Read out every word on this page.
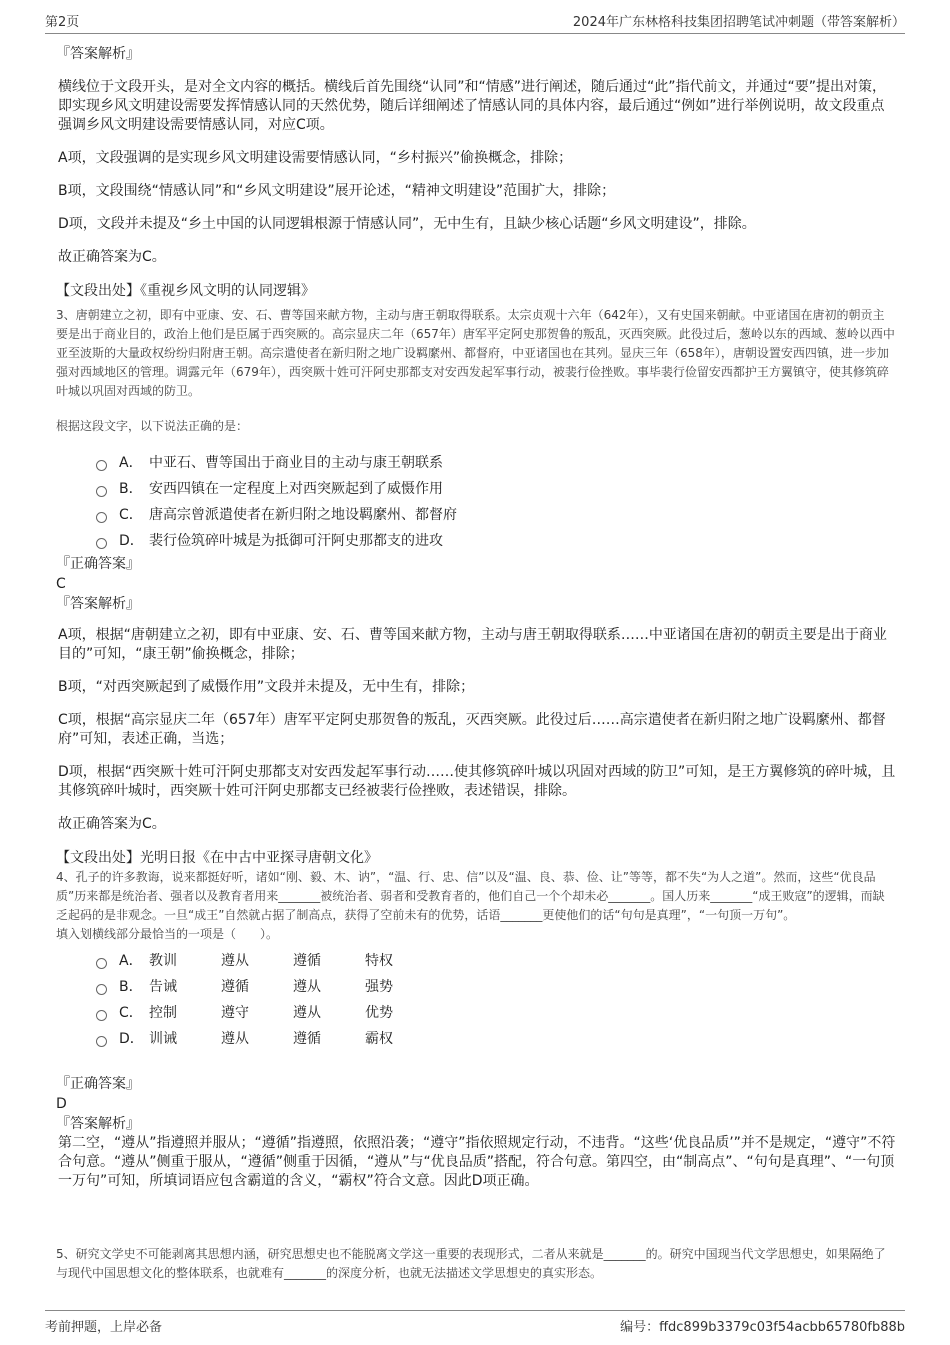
第2页	2024年广东林格科技集团招聘笔试冲刺题（带答案解析）

『答案解析』

横线位于文段开头，是对全文内容的概括。横线后首先围绕“认同”和“情感”进行阐述，随后通过“此”指代前文，并通过“要”提出对策，即实现乡风文明建设需要发挥情感认同的天然优势，随后详细阐述了情感认同的具体内容，最后通过“例如”进行举例说明，故文段重点强调乡风文明建设需要情感认同，对应C项。

A项，文段强调的是实现乡风文明建设需要情感认同，“乡村振兴”偷换概念，排除；

B项，文段围绕“情感认同”和“乡风文明建设”展开论述，“精神文明建设”范围扩大，排除；

D项，文段并未提及“乡土中国的认同逻辑根源于情感认同”，无中生有，且缺少核心话题“乡风文明建设”，排除。

故正确答案为C。

【文段出处】《重视乡风文明的认同逻辑》

3、唐朝建立之初，即有中亚康、安、石、曹等国来献方物，主动与唐王朝取得联系。太宗贞观十六年（642年），又有史国来朝献。中亚诸国在唐初的朝贡主要是出于商业目的，政治上他们是臣属于西突厥的。高宗显庆二年（657年）唐军平定阿史那贺鲁的叛乱，灭西突厥。此役过后，葱岭以东的西域、葱岭以西中亚至波斯的大量政权纷纷归附唐王朝。高宗遣使者在新归附之地广设羁縻州、都督府，中亚诸国也在其列。显庆三年（658年），唐朝设置安西四镇，进一步加强对西域地区的管理。调露元年（679年），西突厥十姓可汗阿史那都支对安西发起军事行动，被裴行俭挫败。事毕裴行俭留安西都护王方翼镇守，使其修筑碎叶城以巩固对西域的防卫。

根据这段文字，以下说法正确的是：

A． 中亚石、曹等国出于商业目的主动与康王朝联系
B． 安西四镇在一定程度上对西突厥起到了威慑作用
C． 唐高宗曾派遣使者在新归附之地设羁縻州、都督府
D． 裴行俭筑碎叶城是为抵御可汗阿史那都支的进攻

『正确答案』

C

『答案解析』

A项，根据“唐朝建立之初，即有中亚康、安、石、曹等国来献方物，主动与唐王朝取得联系……中亚诸国在唐初的朝贡主要是出于商业目的”可知，“康王朝”偷换概念，排除；

B项，“对西突厥起到了威慑作用”文段并未提及，无中生有，排除；

C项，根据“高宗显庆二年（657年）唐军平定阿史那贺鲁的叛乱，灭西突厥。此役过后……高宗遣使者在新归附之地广设羁縻州、都督府”可知，表述正确，当选；

D项，根据“西突厥十姓可汗阿史那都支对安西发起军事行动……使其修筑碎叶城以巩固对西域的防卫”可知，是王方翼修筑的碎叶城，且其修筑碎叶城时，西突厥十姓可汗阿史那都支已经被裴行俭挫败，表述错误，排除。

故正确答案为C。

【文段出处】光明日报《在中古中亚探寻唐朝文化》

4、孔子的许多教诲，说来都挺好听，诸如“刚、毅、木、讷”，“温、行、忠、信”以及“温、良、恭、俭、让”等等，都不失“为人之道”。然而，这些“优良品质”历来都是统治者、强者以及教育者用来_______被统治者、弱者和受教育者的，他们自己一个个却未必_______。国人历来_______“成王败寇”的逻辑，而缺乏起码的是非观念。一旦“成王”自然就占据了制高点，获得了空前未有的优势，话语_______更使他们的话“句句是真理”，“一句顶一万句”。

填入划横线部分最恰当的一项是（　　）。

A． 教训	遵从	遵循	特权
B． 告诫	遵循	遵从	强势
C． 控制	遵守	遵从	优势
D． 训诫	遵从	遵循	霸权

『正确答案』

D

『答案解析』

第二空，“遵从”指遵照并服从；“遵循”指遵照，依照沿袭；“遵守”指依照规定行动，不违背。“这些‘优良品质’”并不是规定，“遵守”不符合句意。“遵从”侧重于服从，“遵循”侧重于因循，“遵从”与“优良品质”搭配，符合句意。第四空，由“制高点”、“句句是真理”、“一句顶一万句”可知，所填词语应包含霸道的含义，“霸权”符合文意。因此D项正确。

5、研究文学史不可能剥离其思想内涵，研究思想史也不能脱离文学这一重要的表现形式，二者从来就是_______的。研究中国现当代文学思想史，如果隔绝了与现代中国思想文化的整体联系，也就难有_______的深度分析，也就无法描述文学思想史的真实形态。

考前押题，上岸必备	编号：ffdc899b3379c03f54acbb65780fb88b
